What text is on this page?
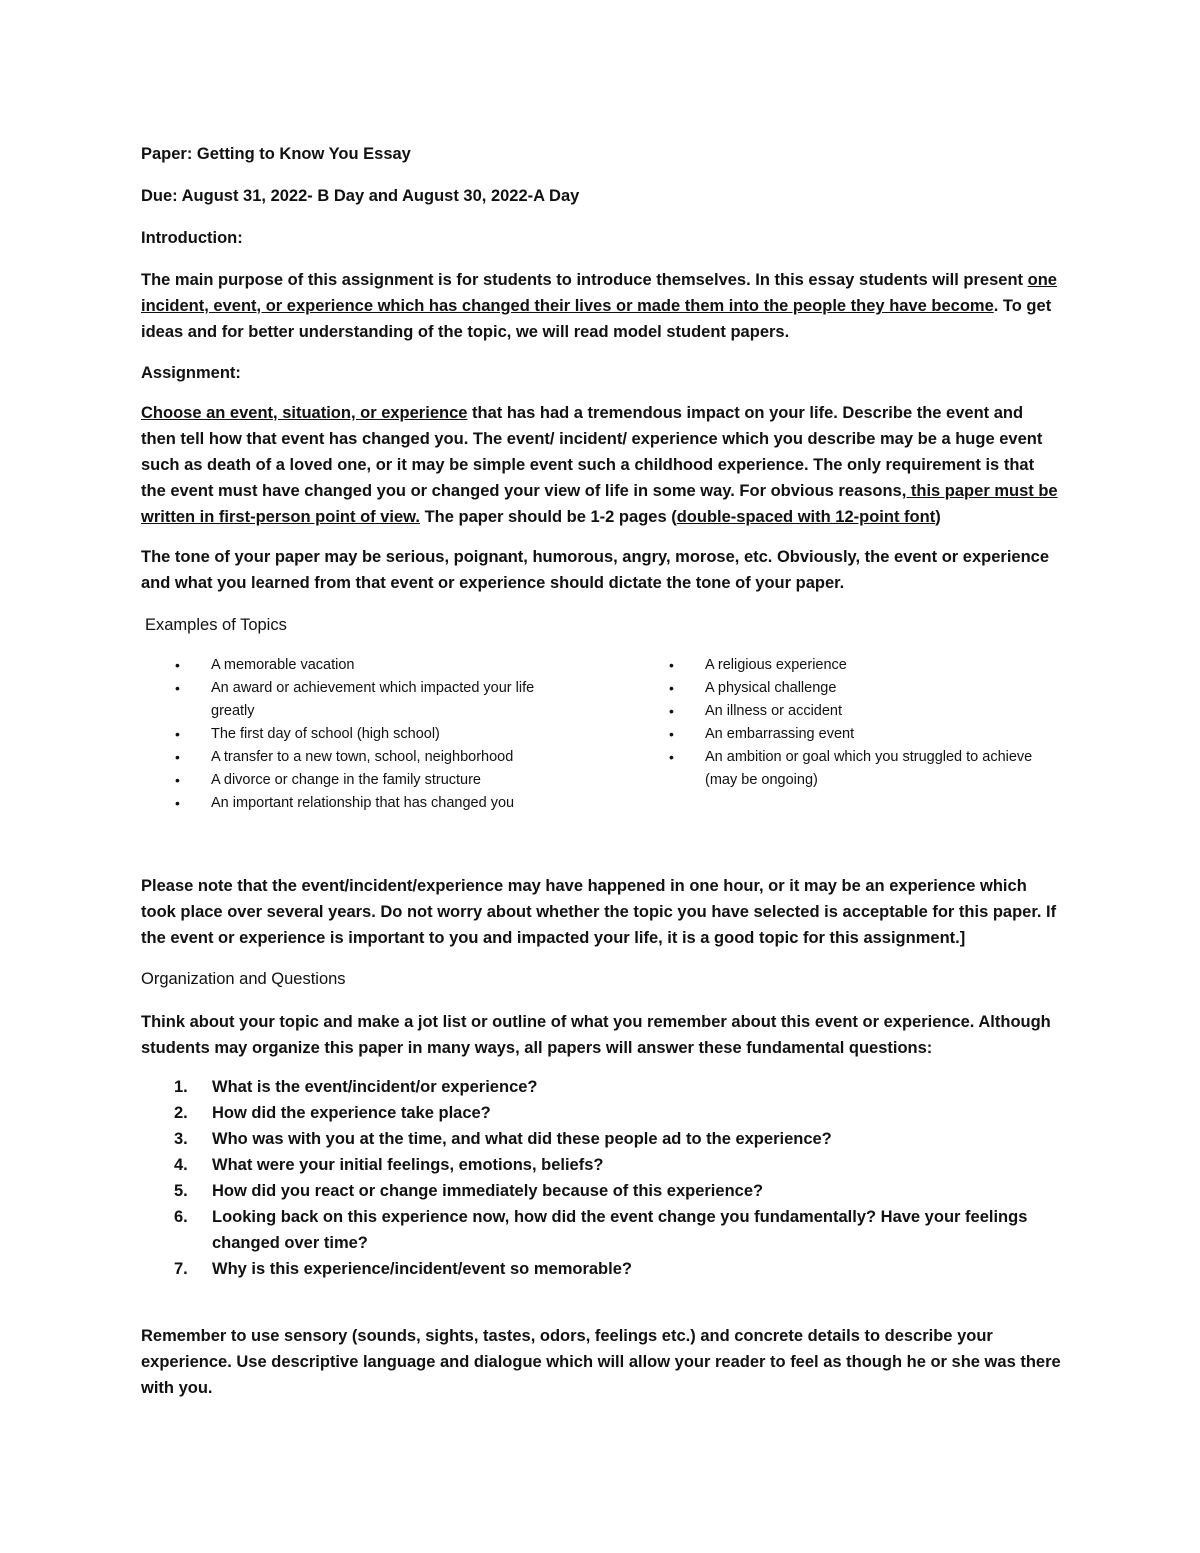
Paper: Getting to Know You Essay

Due: August 31, 2022- B Day and August 30, 2022-A Day

Introduction:

The main purpose of this assignment is for students to introduce themselves. In this essay students will present one incident, event, or experience which has changed their lives or made them into the people they have become. To get ideas and for better understanding of the topic, we will read model student papers.

Assignment:

Choose an event, situation, or experience that has had a tremendous impact on your life. Describe the event and then tell how that event has changed you. The event/ incident/ experience which you describe may be a huge event such as death of a loved one, or it may be simple event such a childhood experience. The only requirement is that the event must have changed you or changed your view of life in some way. For obvious reasons, this paper must be written in first-person point of view. The paper should be 1-2 pages (double-spaced with 12-point font)

The tone of your paper may be serious, poignant, humorous, angry, morose, etc. Obviously, the event or experience and what you learned from that event or experience should dictate the tone of your paper.

Examples of Topics

• A memorable vacation
• An award or achievement which impacted your life greatly
• The first day of school (high school)
• A transfer to a new town, school, neighborhood
• A divorce or change in the family structure
• An important relationship that has changed you
• A religious experience
• A physical challenge
• An illness or accident
• An embarrassing event
• An ambition or goal which you struggled to achieve (may be ongoing)

Please note that the event/incident/experience may have happened in one hour, or it may be an experience which took place over several years. Do not worry about whether the topic you have selected is acceptable for this paper. If the event or experience is important to you and impacted your life, it is a good topic for this assignment.]

Organization and Questions

Think about your topic and make a jot list or outline of what you remember about this event or experience. Although students may organize this paper in many ways, all papers will answer these fundamental questions:

1. What is the event/incident/or experience?
2. How did the experience take place?
3. Who was with you at the time, and what did these people ad to the experience?
4. What were your initial feelings, emotions, beliefs?
5. How did you react or change immediately because of this experience?
6. Looking back on this experience now, how did the event change you fundamentally? Have your feelings changed over time?
7. Why is this experience/incident/event so memorable?

Remember to use sensory (sounds, sights, tastes, odors, feelings etc.) and concrete details to describe your experience. Use descriptive language and dialogue which will allow your reader to feel as though he or she was there with you.
